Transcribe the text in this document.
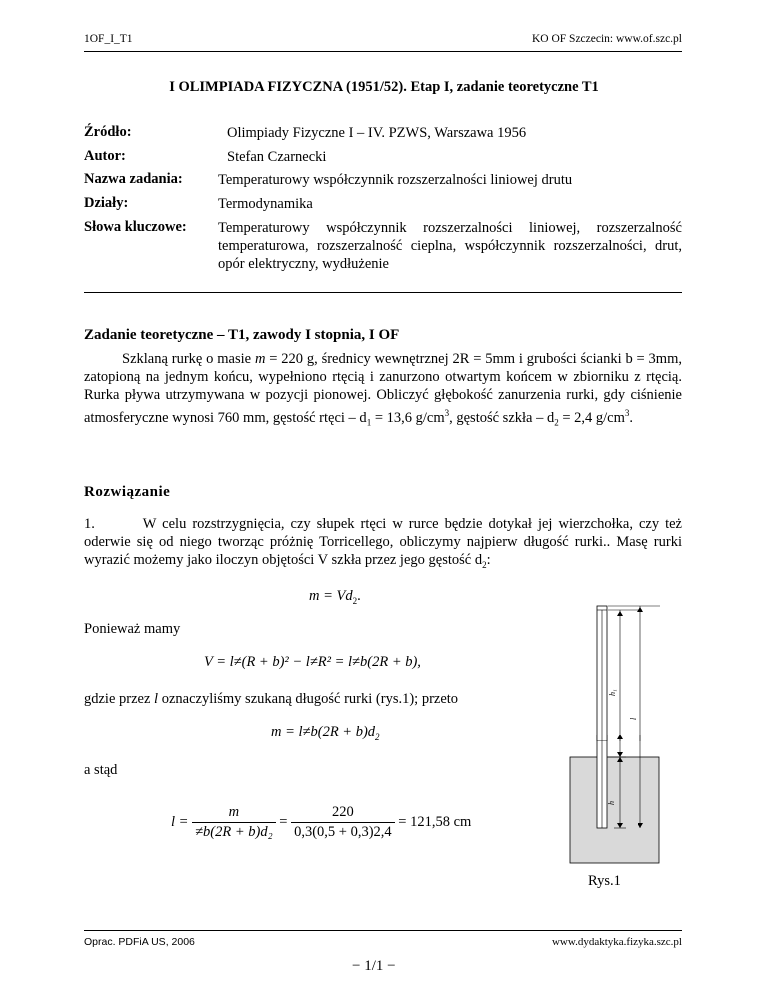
1OF_I_T1	KO OF Szczecin: www.of.szc.pl
I OLIMPIADA FIZYCZNA (1951/52). Etap I, zadanie teoretyczne T1
Źródło:	Olimpiady Fizyczne I – IV. PZWS, Warszawa 1956
Autor:	Stefan Czarnecki
Nazwa zadania: Temperaturowy współczynnik rozszerzalności liniowej drutu
Działy:	Termodynamika
Słowa kluczowe: Temperaturowy współczynnik rozszerzalności liniowej, rozszerzalność temperaturowa, rozszerzalność cieplna, współczynnik rozszerzalności, drut, opór elektryczny, wydłużenie
Zadanie teoretyczne – T1, zawody I stopnia, I OF
Szklaną rurkę o masie m = 220 g, średnicy wewnętrznej 2R = 5mm i grubości ścianki b = 3mm, zatopioną na jednym końcu, wypełniono rtęcią i zanurzono otwartym końcem w zbiorniku z rtęcią. Rurka pływa utrzymywana w pozycji pionowej. Obliczyć głębokość zanurzenia rurki, gdy ciśnienie atmosferyczne wynosi 760 mm, gęstość rtęci – $d_1 = 13,6$ $g/cm^3$, gęstość szkła – $d_2 = 2,4$ $g/cm^3$.
Rozwiązanie
1.        W celu rozstrzygnięcia, czy słupek rtęci w rurce będzie dotykał jej wierzchołka, czy też oderwie się od niego tworząc próżnię Torricellego, obliczymy najpierw długość rurki.. Masę rurki wyrazić możemy jako iloczyn objętości V szkła przez jego gęstość $d_2$:
$m = Vd_2$.
Ponieważ mamy
V = l≠(R + b)² − l≠R² = l≠b(2R + b),
gdzie przez l oznaczyliśmy szukaną długość rurki (rys.1); przeto
$m = l\ne b(2R + b)d_2$
a stąd
$l = \frac{m}{\text{≠b(2R + b)d₂}} = \frac{220}{0,3(0,5 + 0,3)2,4} = 121,58$ cm
h
h₁
l
Rys.1
Oprac. PDFiA US, 2006
− 1/1 −
www.dydaktyka.fizyka.szc.pl
